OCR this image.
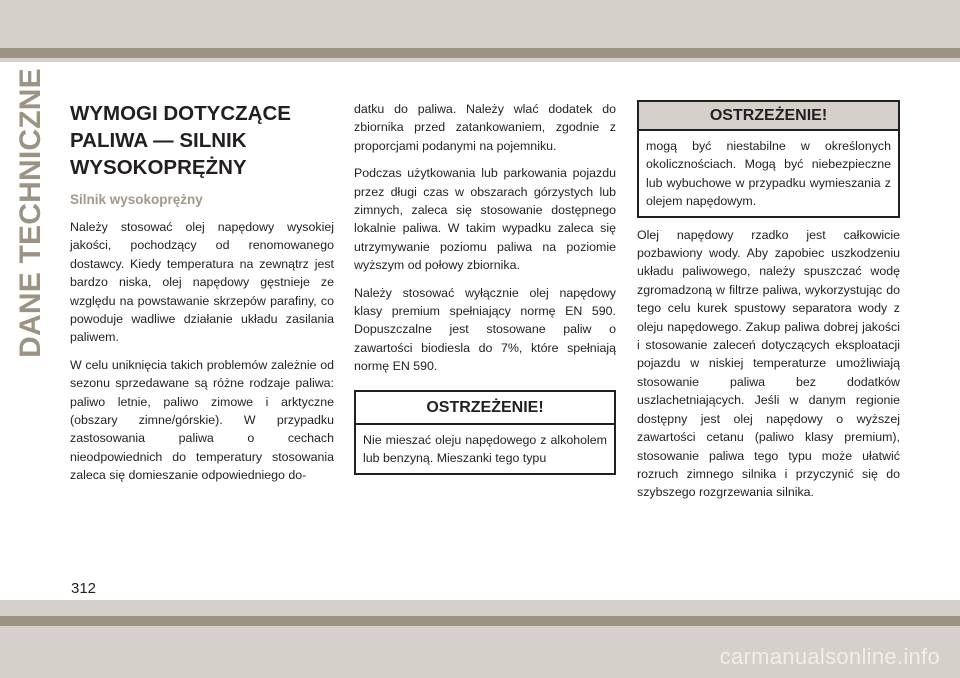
DANE TECHNICZNE WYMOGI DOTYCZĄCE
PALIWA — SILNIK
WYSOKOPRĘŻNY
Silnik wysokoprężny

Należy stosować olej napędowy wysokiej jakości, pochodzący od renomowanego dostawcy. Kiedy temperatura na zewnątrz jest bardzo niska, olej napędowy gęstnieje ze względu na powstawanie skrzepów parafiny, co powoduje wadliwe działanie układu zasilania paliwem.

W celu uniknięcia takich problemów zależnie od sezonu sprzedawane są różne rodzaje paliwa: paliwo letnie, paliwo zimowe i arktyczne (obszary zimne/górskie). W przypadku zastosowania paliwa o cechach nieodpowiednich do temperatury stosowania zaleca się domieszanie odpowiedniego do-

datku do paliwa. Należy wlać dodatek do zbiornika przed zatankowaniem, zgodnie z proporcjami podanymi na pojemniku.

Podczas użytkowania lub parkowania pojazdu przez długi czas w obszarach górzystych lub zimnych, zaleca się stosowanie dostępnego lokalnie paliwa. W takim wypadku zaleca się utrzymywanie poziomu paliwa na poziomie wyższym od połowy zbiornika.

Należy stosować wyłącznie olej napędowy klasy premium spełniający normę EN 590. Dopuszczalne jest stosowane paliw o zawartości biodiesla do 7%, które spełniają normę EN 590.

OSTRZEŻENIE!
Nie mieszać oleju napędowego z alkoholem lub benzyną. Mieszanki tego typu
OSTRZEŻENIE!
mogą być niestabilne w określonych okolicznościach. Mogą być niebezpieczne lub wybuchowe w przypadku wymieszania z olejem napędowym.

Olej napędowy rzadko jest całkowicie pozbawiony wody. Aby zapobiec uszkodzeniu układu paliwowego, należy spuszczać wodę zgromadzoną w filtrze paliwa, wykorzystując do tego celu kurek spustowy separatora wody z oleju napędowego. Zakup paliwa dobrej jakości i stosowanie zaleceń dotyczących eksploatacji pojazdu w niskiej temperaturze umożliwiają stosowanie paliwa bez dodatków uszlachetniających. Jeśli w danym regionie dostępny jest olej napędowy o wyższej zawartości cetanu (paliwo klasy premium), stosowanie paliwa tego typu może ułatwić rozruch zimnego silnika i przyczynić się do szybszego rozgrzewania silnika.

312
carmanualsonline.info
